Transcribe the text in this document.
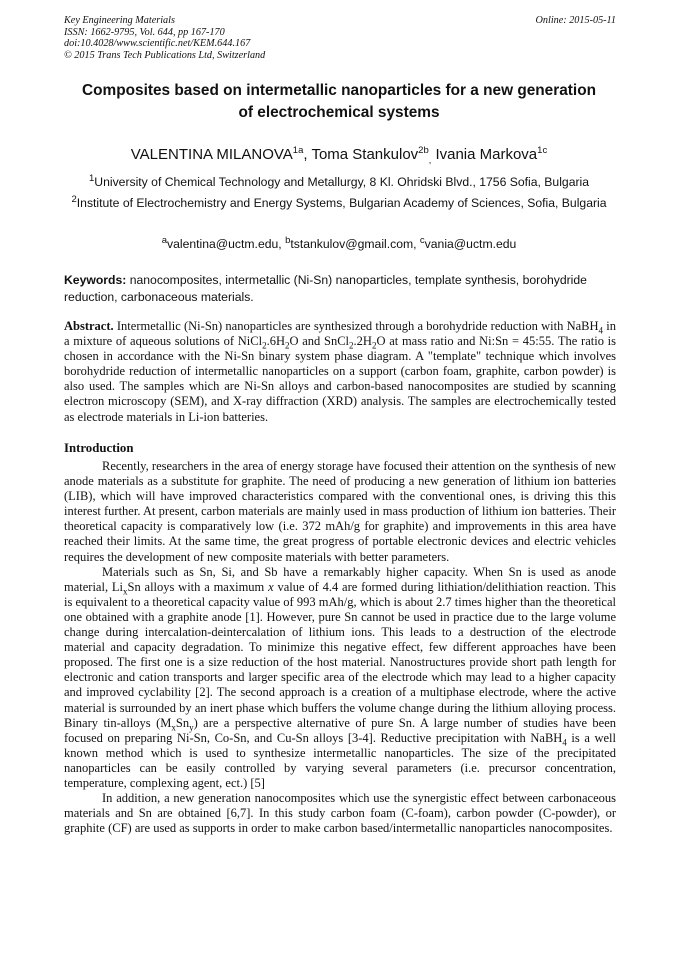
Key Engineering Materials
ISSN: 1662-9795, Vol. 644, pp 167-170
doi:10.4028/www.scientific.net/KEM.644.167
© 2015 Trans Tech Publications Ltd, Switzerland
Online: 2015-05-11
Composites based on intermetallic nanoparticles for a new generation
of electrochemical systems
VALENTINA $MILANOVA^{1a}$, Toma Stankulov$^{2b}_,$ Ivania Markova$^{1c}$
$^1$University of Chemical Technology and Metallurgy, 8 Kl. Ohridski Blvd., 1756 Sofia, Bulgaria
$^2$Institute of Electrochemistry and Energy Systems, Bulgarian Academy of Sciences, Sofia, Bulgaria
$^a$valentina@uctm.edu, $^b$tstankulov@gmail.com, $^c$vania@uctm.edu
Keywords: nanocomposites, intermetallic (Ni-Sn) nanoparticles, template synthesis, borohydride reduction, carbonaceous materials.
Abstract. Intermetallic (Ni-Sn) nanoparticles are synthesized through a borohydride reduction with NaBH$_4$ in a mixture of aqueous solutions of $NiCl_2.6H_2O$ and $SnCl_2.2H_2O$ at mass ratio and Ni:Sn = 45:55. The ratio is chosen in accordance with the Ni-Sn binary system phase diagram. A "template" technique which involves borohydride reduction of intermetallic nanoparticles on a support (carbon foam, graphite, carbon powder) is also used. The samples which are Ni-Sn alloys and carbon-based nanocomposites are studied by scanning electron microscopy (SEM), and X-ray diffraction (XRD) analysis. The samples are electrochemically tested as electrode materials in Li-ion batteries.
Introduction

Recently, researchers in the area of energy storage have focused their attention on the synthesis of new anode materials as a substitute for graphite. The need of producing a new generation of lithium ion batteries (LIB), which will have improved characteristics compared with the conventional ones, is driving this this interest further. At present, carbon materials are mainly used in mass production of lithium ion batteries. Their theoretical capacity is comparatively low (i.e. 372 mAh/g for graphite) and improvements in this area have reached their limits. At the same time, the great progress of portable electronic devices and electric vehicles requires the development of new composite materials with better parameters.

Materials such as Sn, Si, and Sb have a remarkably higher capacity. When Sn is used as anode material, $Li_xSn$ alloys with a maximum x value of 4.4 are formed during lithiation/delithiation reaction. This is equivalent to a theoretical capacity value of 993 mAh/g, which is about 2.7 times higher than the theoretical one obtained with a graphite anode [1]. However, pure Sn cannot be used in practice due to the large volume change during intercalation-deintercalation of lithium ions. This leads to a destruction of the electrode material and capacity degradation. To minimize this negative effect, few different approaches have been proposed. The first one is a size reduction of the host material. Nanostructures provide short path length for electronic and cation transports and larger specific area of the electrode which may lead to a higher capacity and improved cyclability [2]. The second approach is a creation of a multiphase electrode, where the active material is surrounded by an inert phase which buffers the volume change during the lithium alloying process. Binary tin-alloys $(M_xSn_y)$ are a perspective alternative of pure Sn. A large number of studies have been focused on preparing Ni-Sn, Co-Sn, and Cu-Sn alloys [3-4]. Reductive precipitation with NaBH$_4$ is a well known method which is used to synthesize intermetallic nanoparticles. The size of the precipitated nanoparticles can be easily controlled by varying several parameters (i.e. precursor concentration, temperature, complexing agent, ect.) [5]

In addition, a new generation nanocomposites which use the synergistic effect between carbonaceous materials and Sn are obtained [6,7]. In this study carbon foam (C-foam), carbon powder (C-powder), or graphite (CF) are used as supports in order to make carbon based/intermetallic nanoparticles nanocomposites.
